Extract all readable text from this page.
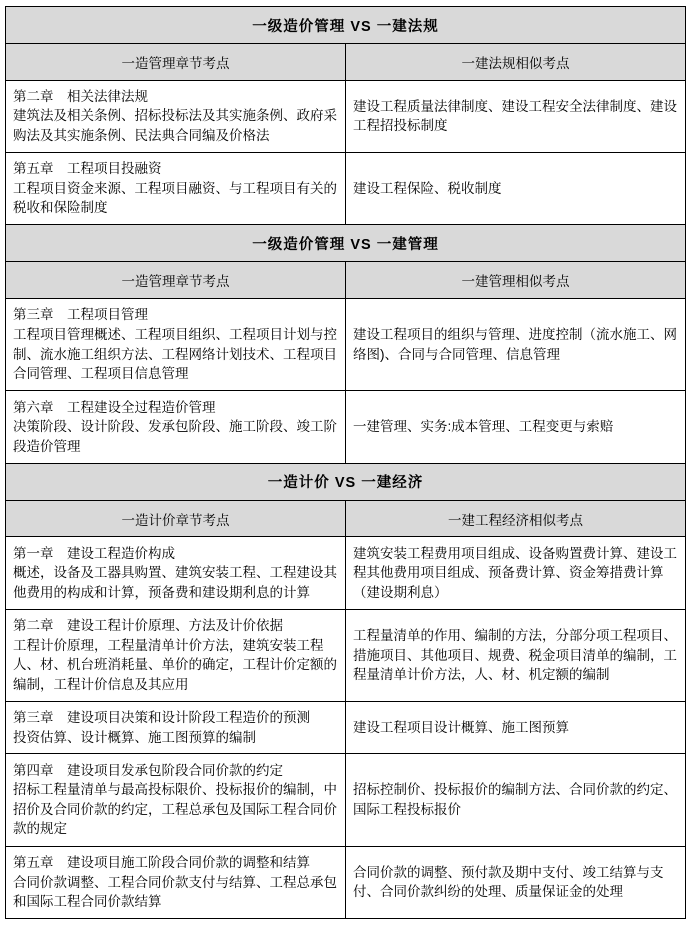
一级造价管理 VS 一建法规	
一造管理章节考点	一建法规相似考点

第二章　相关法律法规
建筑法及相关条例、招标投标法及其实施条例、政府采购法及其实施条例、民法典合同编及价格法	建设工程质量法律制度、建设工程安全法律制度、建设工程招投标制度

第五章　工程项目投融资
工程项目资金来源、工程项目融资、与工程项目有关的税收和保险制度	建设工程保险、税收制度
一级造价管理 VS 一建管理	
一造管理章节考点	一建管理相似考点

第三章　工程项目管理
工程项目管理概述、工程项目组织、工程项目计划与控制、流水施工组织方法、工程网络计划技术、工程项目合同管理、工程项目信息管理	建设工程项目的组织与管理、进度控制（流水施工、网络图)、合同与合同管理、信息管理

第六章　工程建设全过程造价管理
决策阶段、设计阶段、发承包阶段、施工阶段、竣工阶段造价管理	一建管理、实务:成本管理、工程变更与索赔
一造计价 VS 一建经济	
一造计价章节考点	一建工程经济相似考点

第一章　建设工程造价构成
概述，设备及工器具购置、建筑安装工程、工程建设其他费用的构成和计算，预备费和建设期利息的计算	建筑安装工程费用项目组成、设备购置费计算、建设工程其他费用项目组成、预备费计算、资金筹措费计算（建设期利息）

第二章　建设工程计价原理、方法及计价依据
工程计价原理，工程量清单计价方法，建筑安装工程人、材、机台班消耗量、单价的确定，工程计价定额的编制，工程计价信息及其应用	工程量清单的作用、编制的方法，分部分项工程项目、措施项目、其他项目、规费、税金项目清单的编制，工程量清单计价方法，人、材、机定额的编制

第三章　建设项目决策和设计阶段工程造价的预测
投资估算、设计概算、施工图预算的编制	建设工程项目设计概算、施工图预算

第四章　建设项目发承包阶段合同价款的约定
招标工程量清单与最高投标限价、投标报价的编制，中招价及合同价款的约定，工程总承包及国际工程合同价款的规定	招标控制价、投标报价的编制方法、合同价款的约定、国际工程投标报价

第五章　建设项目施工阶段合同价款的调整和结算
合同价款调整、工程合同价款支付与结算、工程总承包和国际工程合同价款结算	合同价款的调整、预付款及期中支付、竣工结算与支付、合同价款纠纷的处理、质量保证金的处理
